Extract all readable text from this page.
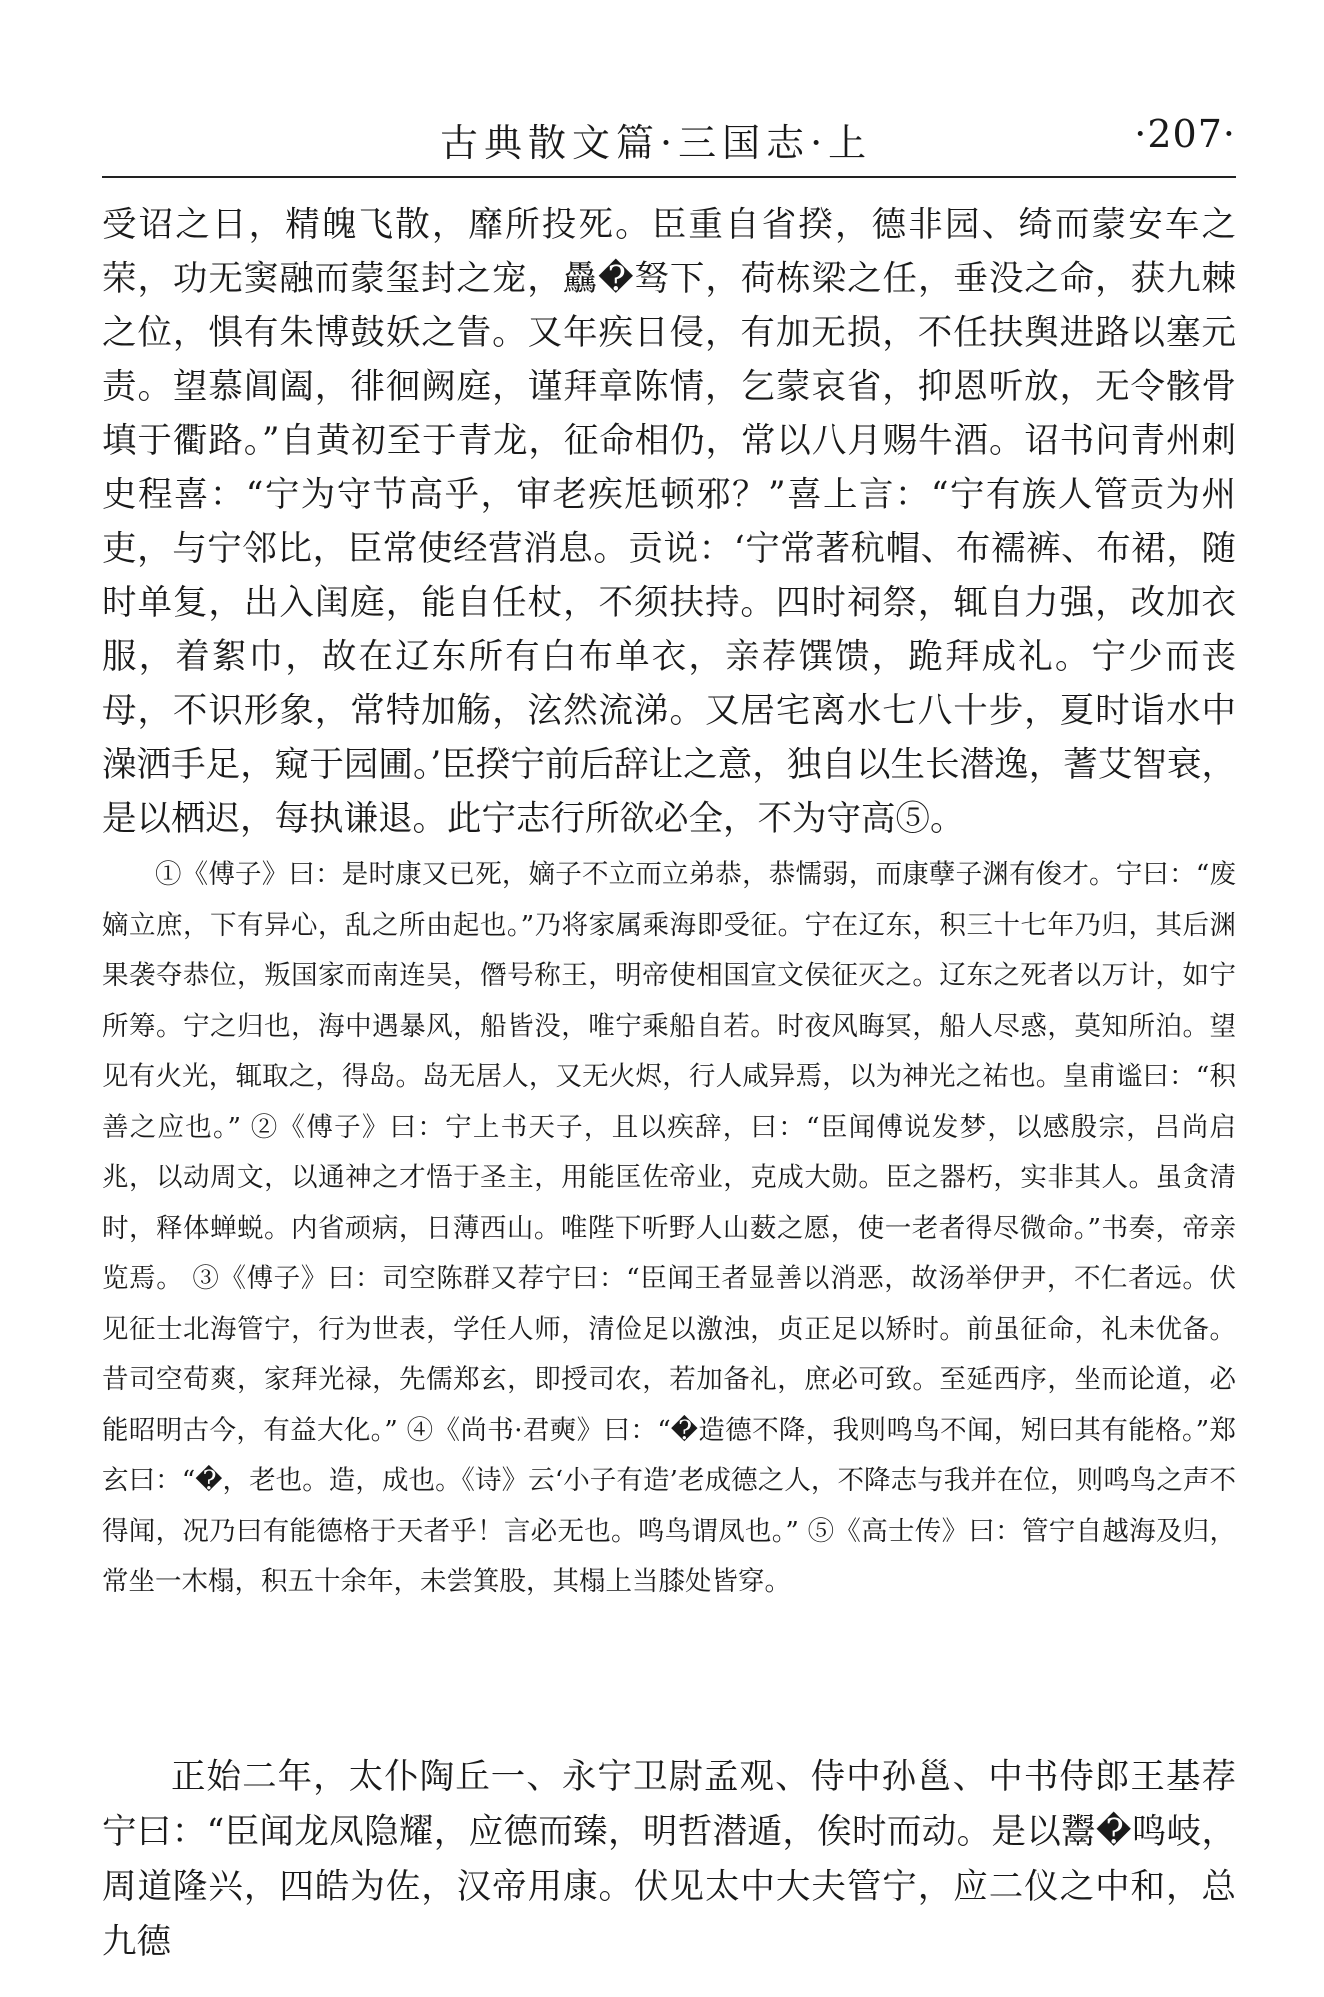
古典散文篇·三国志·上	·207·

受诏之日，精魄飞散，靡所投死。臣重自省揆，德非园、绮而蒙安车之荣，功无窦融而蒙玺封之宠，驫�驽下，荷栋梁之任，垂没之命，获九棘之位，惧有朱博鼓妖之眚。又年疾日侵，有加无损，不任扶舆进路以塞元责。望慕阊阖，徘徊阙庭，谨拜章陈情，乞蒙哀省，抑恩听放，无令骸骨填于衢路。”自黄初至于青龙，征命相仍，常以八月赐牛酒。诏书问青州刺史程喜：“宁为守节高乎，审老疾尪顿邪？”喜上言：“宁有族人管贡为州吏，与宁邻比，臣常使经营消息。贡说：‘宁常著秔帽、布襦裤、布裙，随时单复，出入闺庭，能自任杖，不须扶持。四时祠祭，辄自力强，改加衣服，着絮巾，故在辽东所有白布单衣，亲荐馔馈，跪拜成礼。宁少而丧母，不识形象，常特加觞，泫然流涕。又居宅离水七八十步，夏时诣水中澡洒手足，窥于园圃。’臣揆宁前后辞让之意，独自以生长潜逸，蓍艾智衰，是以栖迟，每执谦退。此宁志行所欲必全，不为守高⑤。

①《傅子》曰：是时康又已死，嫡子不立而立弟恭，恭懦弱，而康孽子渊有俊才。宁曰：“废嫡立庶，下有异心，乱之所由起也。”乃将家属乘海即受征。宁在辽东，积三十七年乃归，其后渊果袭夺恭位，叛国家而南连吴，僭号称王，明帝使相国宣文侯征灭之。辽东之死者以万计，如宁所筹。宁之归也，海中遇暴风，船皆没，唯宁乘船自若。时夜风晦冥，船人尽惑，莫知所泊。望见有火光，辄取之，得岛。岛无居人，又无火烬，行人咸异焉，以为神光之祐也。皇甫谧曰：“积善之应也。” ②《傅子》曰：宁上书天子，且以疾辞，曰：“臣闻傅说发梦，以感殷宗，吕尚启兆，以动周文，以通神之才悟于圣主，用能匡佐帝业，克成大勋。臣之器朽，实非其人。虽贪清时，释体蝉蜕。内省顽病，日薄西山。唯陛下听野人山薮之愿，使一老者得尽微命。”书奏，帝亲览焉。 ③《傅子》曰：司空陈群又荐宁曰：“臣闻王者显善以消恶，故汤举伊尹，不仁者远。伏见征士北海管宁，行为世表，学任人师，清俭足以激浊，贞正足以矫时。前虽征命，礼未优备。昔司空荀爽，家拜光禄，先儒郑玄，即授司农，若加备礼，庶必可致。至延西序，坐而论道，必能昭明古今，有益大化。” ④《尚书·君奭》曰：“�造德不降，我则鸣鸟不闻，矧曰其有能格。”郑玄曰：“�，老也。造，成也。《诗》云‘小子有造’老成德之人，不降志与我并在位，则鸣鸟之声不得闻，况乃曰有能德格于天者乎！言必无也。鸣鸟谓凤也。” ⑤《高士传》曰：管宁自越海及归，常坐一木榻，积五十余年，未尝箕股，其榻上当膝处皆穿。

正始二年，太仆陶丘一、永宁卫尉孟观、侍中孙邕、中书侍郎王基荐宁曰：“臣闻龙凤隐耀，应德而臻，明哲潜遁，俟时而动。是以鬻�鸣岐，周道隆兴，四皓为佐，汉帝用康。伏见太中大夫管宁，应二仪之中和，总九德
